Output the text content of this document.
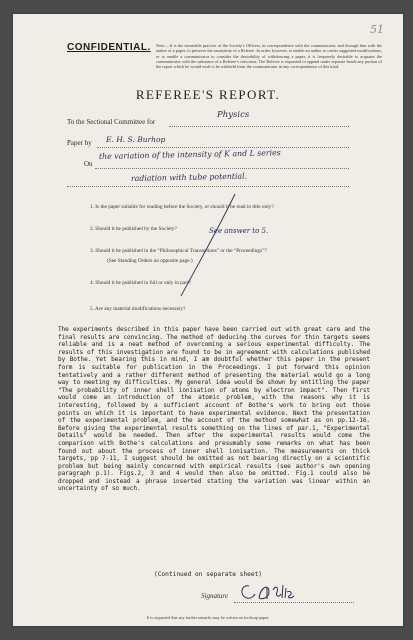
51
CONFIDENTIAL. Note.—It is the invariable practice of the Society's Officers, in correspondence with the communicator, and through him with the author of a paper, to preserve the anonymity of a Referee. In order, however, to enable an author to confer suggested modifications, or to enable a communicator to consider the desirability of withdrawing a paper, it is frequently desirable to acquaint the communicator with the substance of a Referee's criticisms. The Referee is requested to append under separate heads any portion of the report which he would wish to be withheld from the communicator in any correspondence of this kind.

REFEREE'S REPORT.
To the Sectional Committee for
Physics
Paper by E. H. S. Burhop
On
the variation of the intensity of K and L series
radiation with tube potential.
1. Is the paper suitable for reading before the Society, or should it be read in title only?
2. Should it be published by the Society?	See answer to 5.
3. Should it be published in the “Philosophical Transactions” or the “Proceedings”?
(See Standing Orders on opposite page.)
4. Should it be published in full or only in part?
5. Are any material modifications necessary?

The experiments described in this paper have been carried out with great care and the final results are convincing. The method of deducing the curves for thin targets seems reliable and is a neat method of overcoming a serious experimental difficulty. The results of this investigation are found to be in agreement with calculations published by Bothe. Yet bearing this in mind, I am doubtful whether this paper in the present form is suitable for publication in the Proceedings. I put forward this opinion tentatively and a rather different method of presenting the material would go a long way to meeting my difficulties. My general idea would be shown by entitling the paper "The probability of inner shell ionisation of atoms by electron impact". Then first would come an introduction of the atomic problem, with the reasons why it is interesting, followed by a sufficient account of Bothe's work to bring out those points on which it is important to have experimental evidence. Next the presentation of the experimental problem, and the account of the method somewhat as on pp.12-16. Before giving the experimental results something on the lines of par.1, "Experimental Details" would be needed. Then after the experimental results would come the comparison with Bothe's calculations and presumably some remarks on what has been found out about the process of inner shell ionisation. The measurements on thick targets, pp 7-11, I suggest should be omitted as not bearing directly on a scientific problem but being mainly concerned with empirical results (see author's own opening paragraph p.1). Figs.2, 3 and 4 would then also be omitted. Fig.1 could also be dropped and instead a phrase inserted stating the variation was linear within an uncertainty of so much.

(Continued on separate sheet)
Signature
It is requested that any further remarks may be written on foolscap paper.
